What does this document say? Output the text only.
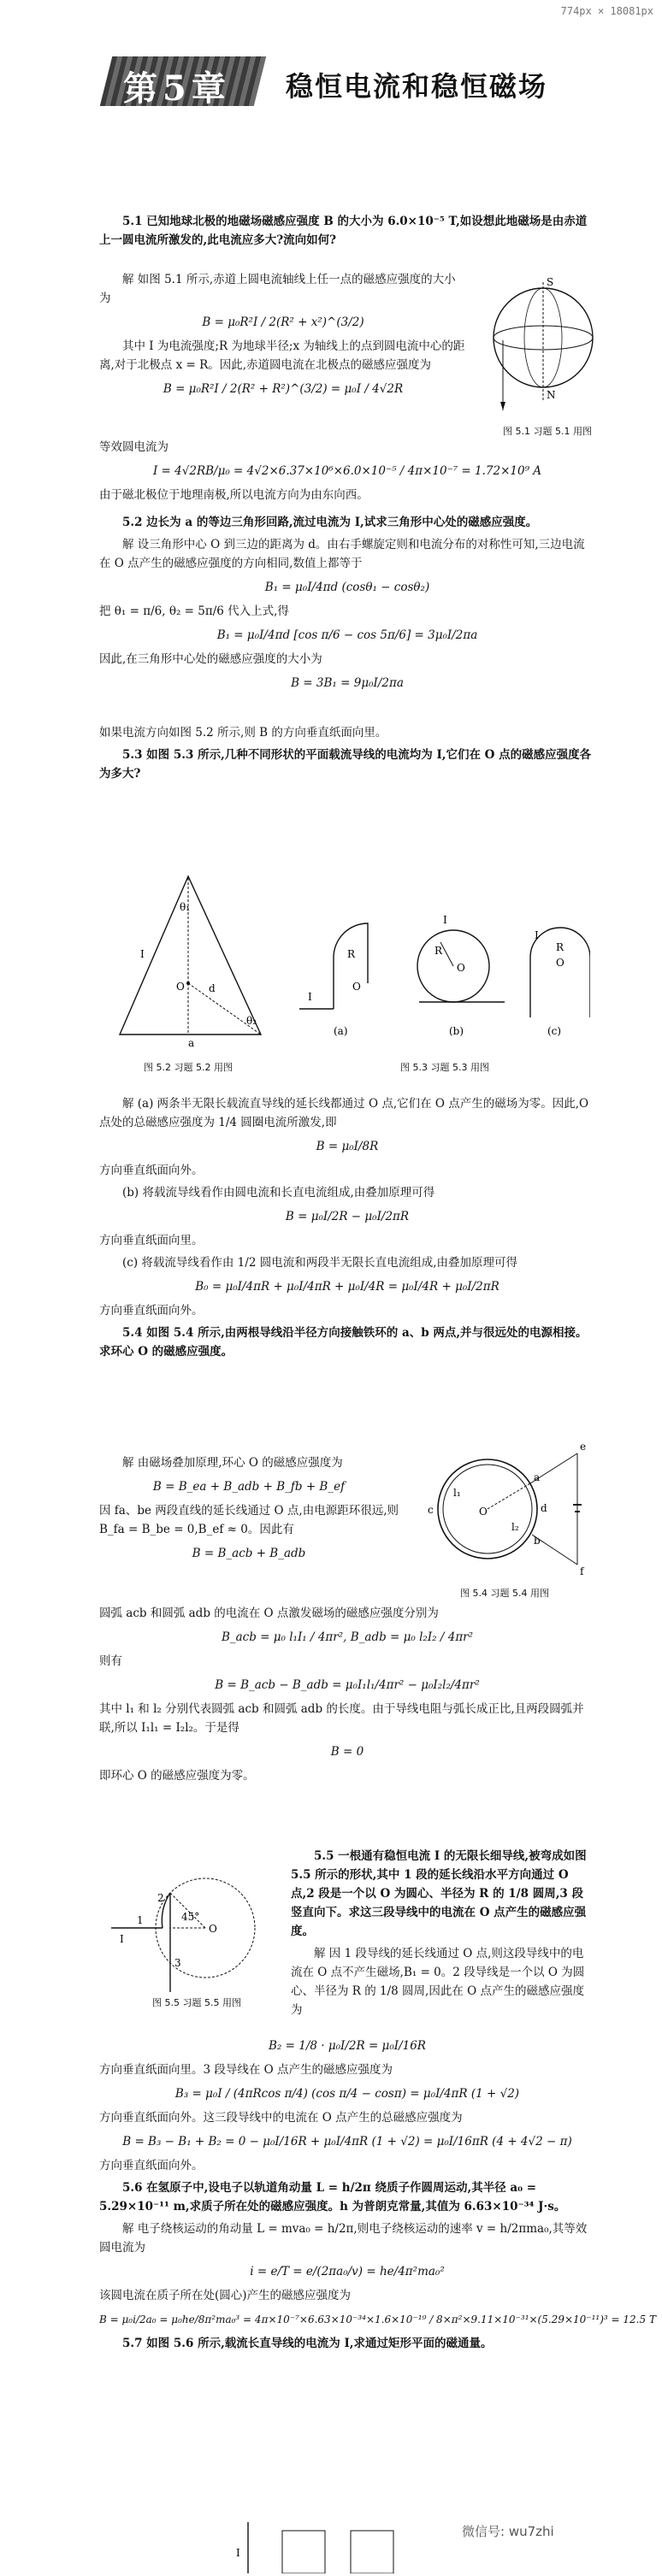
774px × 18081px
第5章 稳恒电流和稳恒磁场

5.1 已知地球北极的地磁场磁感应强度 B 的大小为 6.0×10⁻⁵ T,如设想此地磁场是由赤道上一圆电流所激发的,此电流应多大?流向如何?

解 如图 5.1 所示,赤道上圆电流轴线上任一点的磁感应强度的大小为

B = μ₀R²I / 2(R² + x²)^(3/2)

其中 I 为电流强度;R 为地球半径;x 为轴线上的点到圆电流中心的距离,对于北极点 x = R。因此,赤道圆电流在北极点的磁感应强度为

B = μ₀R²I / 2(R² + R²)^(3/2) = μ₀I / 4√2R
S
N
图 5.1 习题 5.1 用图

等效圆电流为

I = 4√2RB/μ₀ = 4√2×6.37×10⁶×6.0×10⁻⁵ / 4π×10⁻⁷ = 1.72×10⁹ A

由于磁北极位于地理南极,所以电流方向为由东向西。

5.2 边长为 a 的等边三角形回路,流过电流为 I,试求三角形中心处的磁感应强度。

解 设三角形中心 O 到三边的距离为 d。由右手螺旋定则和电流分布的对称性可知,三边电流在 O 点产生的磁感应强度的方向相同,数值上都等于

B₁ = μ₀I/4πd (cosθ₁ − cosθ₂)

把 θ₁ = π/6, θ₂ = 5π/6 代入上式,得

B₁ = μ₀I/4πd [cos π/6 − cos 5π/6] = 3μ₀I/2πa

因此,在三角形中心处的磁感应强度的大小为

B = 3B₁ = 9μ₀I/2πa

如果电流方向如图 5.2 所示,则 B 的方向垂直纸面向里。

5.3 如图 5.3 所示,几种不同形状的平面载流导线的电流均为 I,它们在 O 点的磁感应强度各为多大?

θ₁
θ₂
O d
a
I
图 5.2 习题 5.2 用图
O
R
I
(a)
O
R
I
(b)
O
R
I
(c)
图 5.3 习题 5.3 用图

解 (a) 两条半无限长载流直导线的延长线都通过 O 点,它们在 O 点产生的磁场为零。因此,O 点处的总磁感应强度为 1/4 圆圈电流所激发,即

B = μ₀I/8R

方向垂直纸面向外。

(b) 将载流导线看作由圆电流和长直电流组成,由叠加原理可得

B = μ₀I/2R − μ₀I/2πR

方向垂直纸面向里。

(c) 将载流导线看作由 1/2 圆电流和两段半无限长直电流组成,由叠加原理可得

B₀ = μ₀I/4πR + μ₀I/4πR + μ₀I/4R = μ₀I/4R + μ₀I/2πR

方向垂直纸面向外。

5.4 如图 5.4 所示,由两根导线沿半径方向接触铁环的 a、b 两点,并与很远处的电源相接。求环心 O 的磁感应强度。

解 由磁场叠加原理,环心 O 的磁感应强度为

B = B_ea + B_adb + B_fb + B_ef

因 fa、be 两段直线的延长线通过 O 点,由电源距环很远,则 B_fa = B_be = 0,B_ef ≈ 0。因此有

B = B_acb + B_adb
O
a
b
c	d
e
f
l₁
l₂
图 5.4 习题 5.4 用图

圆弧 acb 和圆弧 adb 的电流在 O 点激发磁场的磁感应强度分别为

B_acb = μ₀ l₁I₁ / 4πr², B_adb = μ₀ l₂I₂ / 4πr²

则有

B = B_acb − B_adb = μ₀I₁l₁/4πr² − μ₀I₂l₂/4πr²

其中 l₁ 和 l₂ 分别代表圆弧 acb 和圆弧 adb 的长度。由于导线电阻与弧长成正比,且两段圆弧并联,所以 I₁l₁ = I₂l₂。于是得

B = 0

即环心 O 的磁感应强度为零。

O
45°
1
2
3
I
图 5.5 习题 5.5 用图

5.5 一根通有稳恒电流 I 的无限长细导线,被弯成如图 5.5 所示的形状,其中 1 段的延长线沿水平方向通过 O 点,2 段是一个以 O 为圆心、半径为 R 的 1/8 圆周,3 段竖直向下。求这三段导线中的电流在 O 点产生的磁感应强度。

解 因 1 段导线的延长线通过 O 点,则这段导线中的电流在 O 点不产生磁场,B₁ = 0。2 段导线是一个以 O 为圆心、半径为 R 的 1/8 圆周,因此在 O 点产生的磁感应强度为

B₂ = 1/8 · μ₀I/2R = μ₀I/16R

方向垂直纸面向里。3 段导线在 O 点产生的磁感应强度为

B₃ = μ₀I / (4πRcos π/4) (cos π/4 − cosπ) = μ₀I/4πR (1 + √2)

方向垂直纸面向外。这三段导线中的电流在 O 点产生的总磁感应强度为

B = B₃ − B₁ + B₂ = 0 − μ₀I/16R + μ₀I/4πR (1 + √2) = μ₀I/16πR (4 + 4√2 − π)

方向垂直纸面向外。

5.6 在氢原子中,设电子以轨道角动量 L = h/2π 绕质子作圆周运动,其半径 a₀ = 5.29×10⁻¹¹ m,求质子所在处的磁感应强度。h 为普朗克常量,其值为 6.63×10⁻³⁴ J·s。

解 电子绕核运动的角动量 L = mva₀ = h/2π,则电子绕核运动的速率 v = h/2πma₀,其等效圆电流为

i = e/T = e/(2πa₀/v) = he/4π²ma₀²

该圆电流在质子所在处(圆心)产生的磁感应强度为

B = μ₀i/2a₀ = μ₀he/8π²ma₀³ = 4π×10⁻⁷×6.63×10⁻³⁴×1.6×10⁻¹⁹ / 8×π²×9.11×10⁻³¹×(5.29×10⁻¹¹)³ = 12.5 T

5.7 如图 5.6 所示,载流长直导线的电流为 I,求通过矩形平面的磁通量。

I
微信号: wu7zhi
